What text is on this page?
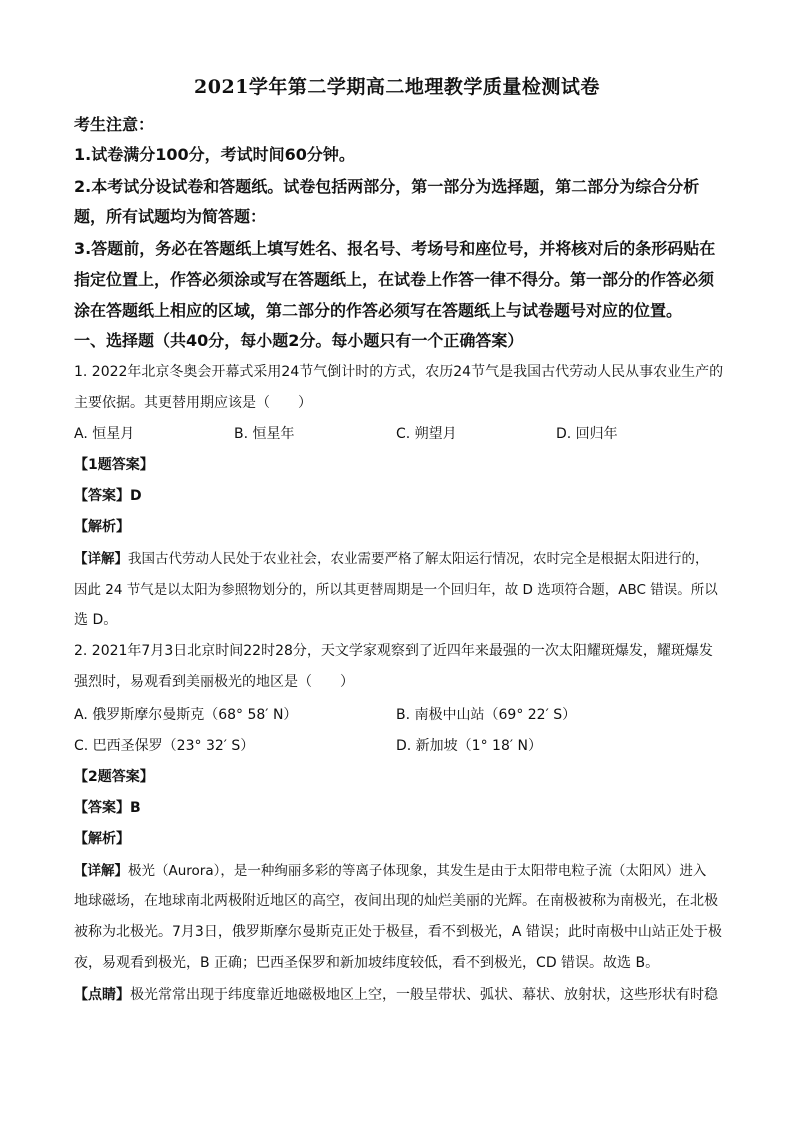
2021学年第二学期高二地理教学质量检测试卷
考生注意：
1.试卷满分100分，考试时间60分钟。
2.本考试分设试卷和答题纸。试卷包括两部分，第一部分为选择题，第二部分为综合分析
题，所有试题均为简答题：
3.答题前，务必在答题纸上填写姓名、报名号、考场号和座位号，并将核对后的条形码贴在
指定位置上，作答必须涂或写在答题纸上，在试卷上作答一律不得分。第一部分的作答必须
涂在答题纸上相应的区域，第二部分的作答必须写在答题纸上与试卷题号对应的位置。
一、选择题（共40分，每小题2分。每小题只有一个正确答案）
1. 2022年北京冬奥会开幕式采用24节气倒计时的方式，农历24节气是我国古代劳动人民从事农业生产的
主要依据。其更替用期应该是（　　）
A. 恒星月	B. 恒星年	C. 朔望月	D. 回归年
【1题答案】
【答案】D
【解析】
【详解】我国古代劳动人民处于农业社会，农业需要严格了解太阳运行情况，农时完全是根据太阳进行的，
因此 24 节气是以太阳为参照物划分的，所以其更替周期是一个回归年，故 D 选项符合题，ABC 错误。所以
选 D。
2. 2021年7月3日北京时间22时28分，天文学家观察到了近四年来最强的一次太阳耀斑爆发，耀斑爆发
强烈时，易观看到美丽极光的地区是（　　）
A. 俄罗斯摩尔曼斯克（68° 58′ N）	B. 南极中山站（69° 22′ S）
C. 巴西圣保罗（23° 32′ S）	D. 新加坡（1° 18′ N）
【2题答案】
【答案】B
【解析】
【详解】极光（Aurora），是一种绚丽多彩的等离子体现象，其发生是由于太阳带电粒子流（太阳风）进入
地球磁场，在地球南北两极附近地区的高空，夜间出现的灿烂美丽的光辉。在南极被称为南极光，在北极
被称为北极光。7月3日，俄罗斯摩尔曼斯克正处于极昼，看不到极光，A 错误；此时南极中山站正处于极
夜，易观看到极光，B 正确；巴西圣保罗和新加坡纬度较低，看不到极光，CD 错误。故选 B。
【点睛】极光常常出现于纬度靠近地磁极地区上空，一般呈带状、弧状、幕状、放射状，这些形状有时稳
